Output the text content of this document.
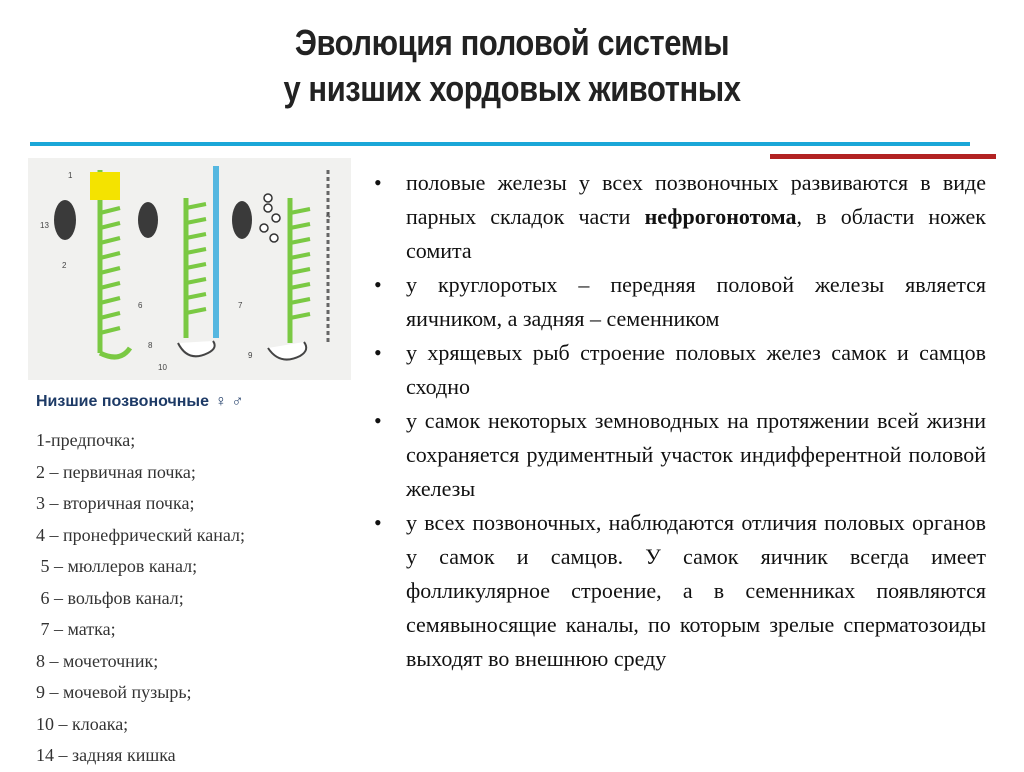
Эволюция половой системы
у низших хордовых животных
1
13
2
6	7
4
8
9
10
Низшие позвоночные ♀ ♂
1-предпочка;
2 – первичная почка;
3 – вторичная почка;
4 – пронефрический канал;
5 – мюллеров канал;
6 – вольфов канал;
7 – матка;
8 – мочеточник;
9 – мочевой пузырь;
10 – клоака;
14 – задняя кишка
• половые железы у всех позвоночных развиваются в виде парных складок части нефрогонотома, в области ножек сомита
• у круглоротых – передняя половой железы является яичником, а задняя – семенником
• у хрящевых рыб строение половых желез самок и самцов сходно
• у самок некоторых земноводных на протяжении всей жизни сохраняется рудиментный участок индифферентной половой железы
• у всех позвоночных, наблюдаются отличия половых органов у самок и самцов. У самок яичник всегда имеет фолликулярное строение, а в семенниках появляются семявыносящие каналы, по которым зрелые сперматозоиды выходят во внешнюю среду
